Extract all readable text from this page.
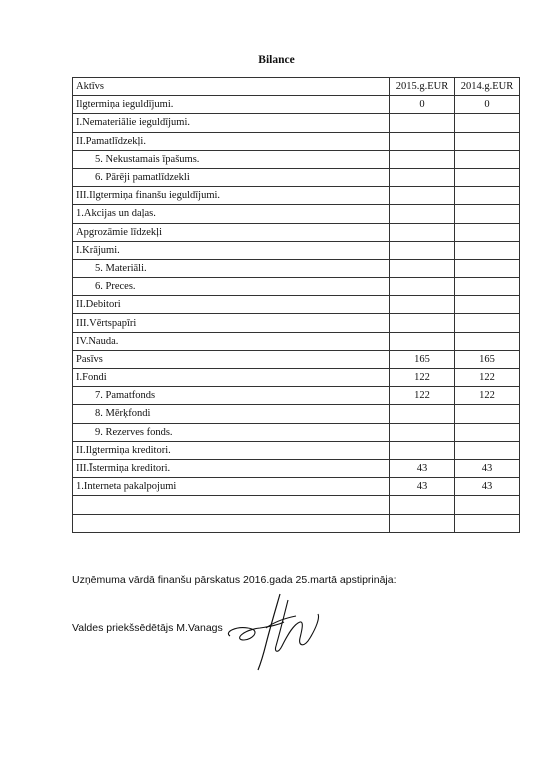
Bilance
Aktīvs	2015.g.EUR	2014.g.EUR
Ilgtermiņa ieguldījumi.	0	0
I.Nemateriālie ieguldījumi.		
II.Pamatlīdzekļi.		
5. Nekustamais īpašums.		
6. Pārēji pamatlīdzekli		
III.Ilgtermiņa finanšu ieguldījumi.		
1.Akcijas un daļas.		
Apgrozāmie līdzekļi		
I.Krājumi.		
5. Materiāli.		
6. Preces.		
II.Debitori		
III.Vērtspapīri		
IV.Nauda.		
Pasīvs	165	165
I.Fondi	122	122
7. Pamatfonds	122	122
8. Mērķfondi		
9. Rezerves fonds.		
II.Ilgtermiņa kreditori.		
III.Īstermiņa kreditori.	43	43
1.Interneta pakalpojumi	43	43

Uzņēmuma vārdā finanšu pārskatus 2016.gada 25.martā apstiprināja:
Valdes priekšsēdētājs M.Vanags
